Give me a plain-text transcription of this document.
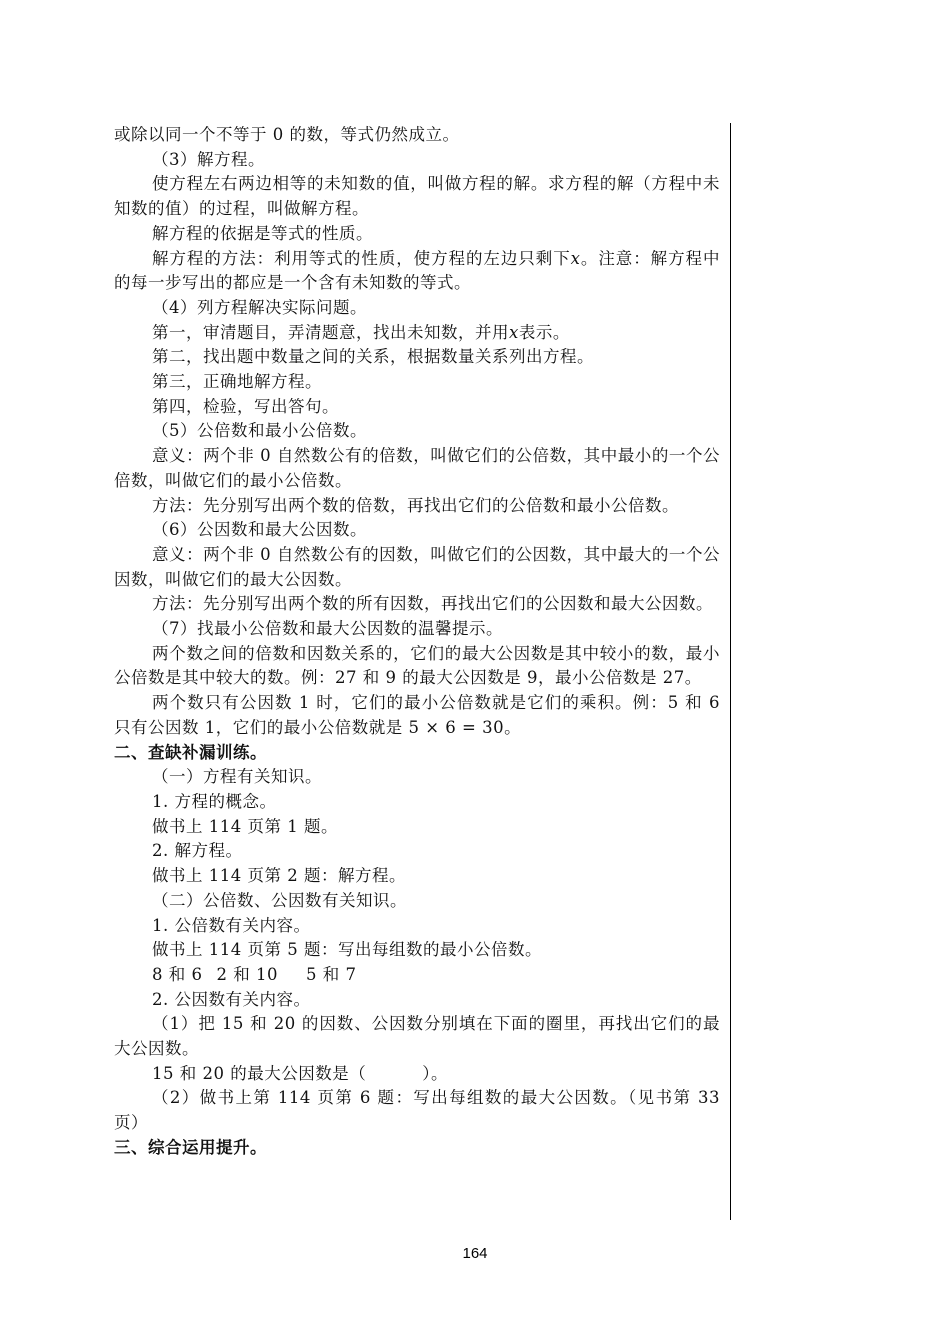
或除以同一个不等于 0 的数，等式仍然成立。

（3）解方程。

使方程左右两边相等的未知数的值，叫做方程的解。求方程的解（方程中未知数的值）的过程，叫做解方程。

解方程的依据是等式的性质。

解方程的方法：利用等式的性质，使方程的左边只剩下x。注意：解方程中的每一步写出的都应是一个含有未知数的等式。

（4）列方程解决实际问题。

第一，审清题目，弄清题意，找出未知数，并用x表示。

第二，找出题中数量之间的关系，根据数量关系列出方程。

第三，正确地解方程。

第四，检验，写出答句。

（5）公倍数和最小公倍数。

意义：两个非 0 自然数公有的倍数，叫做它们的公倍数，其中最小的一个公倍数，叫做它们的最小公倍数。

方法：先分别写出两个数的倍数，再找出它们的公倍数和最小公倍数。

（6）公因数和最大公因数。

意义：两个非 0 自然数公有的因数，叫做它们的公因数，其中最大的一个公因数，叫做它们的最大公因数。

方法：先分别写出两个数的所有因数，再找出它们的公因数和最大公因数。

（7）找最小公倍数和最大公因数的温馨提示。

两个数之间的倍数和因数关系的，它们的最大公因数是其中较小的数，最小公倍数是其中较大的数。例：27 和 9 的最大公因数是 9，最小公倍数是 27。

两个数只有公因数 1 时，它们的最小公倍数就是它们的乘积。例：5 和 6 只有公因数 1，它们的最小公倍数就是 5 × 6 = 30。

二、查缺补漏训练。

（一）方程有关知识。

1. 方程的概念。

做书上 114 页第 1 题。

2. 解方程。

做书上 114 页第 2 题：解方程。

（二）公倍数、公因数有关知识。

1. 公倍数有关内容。

做书上 114 页第 5 题：写出每组数的最小公倍数。

8 和 6 2 和 10 5 和 7

2. 公因数有关内容。

（1）把 15 和 20 的因数、公因数分别填在下面的圈里，再找出它们的最大公因数。

15 和 20 的最大公因数是（	）。

（2）做书上第 114 页第 6 题：写出每组数的最大公因数。（见书第 33 页）

三、综合运用提升。

164
